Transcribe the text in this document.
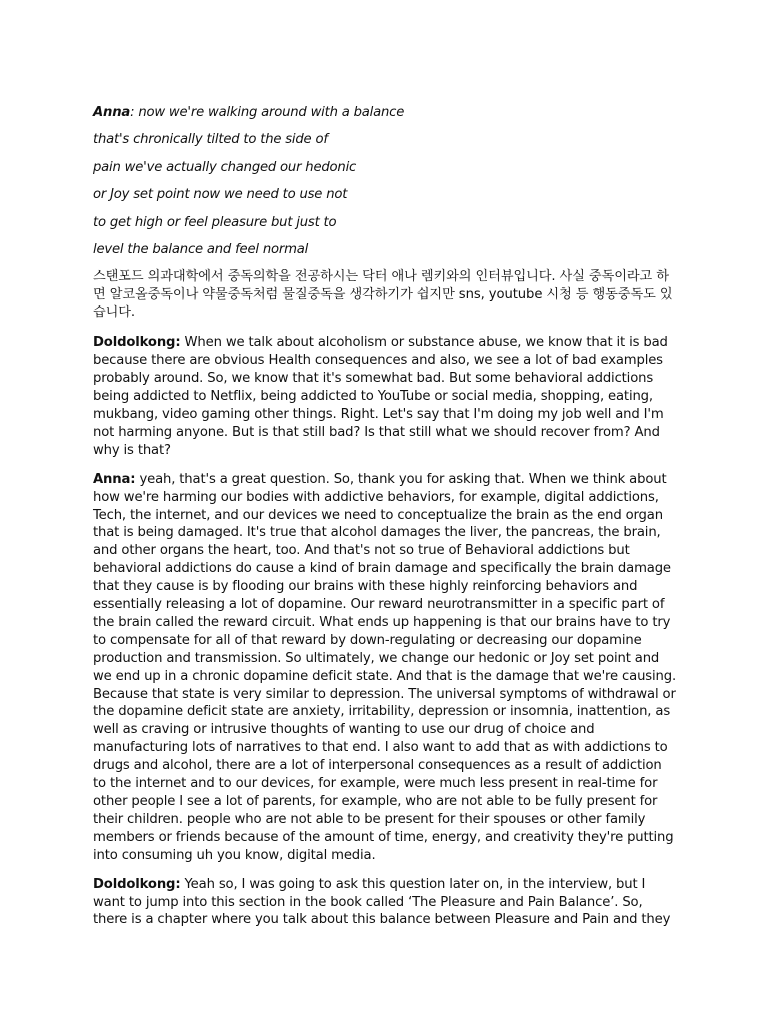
Anna: now we're walking around with a balance
that's chronically tilted to the side of
pain we've actually changed our hedonic
or Joy set point now we need to use not
to get high or feel pleasure but just to
level the balance and feel normal

스탠포드 의과대학에서 중독의학을 전공하시는 닥터 애나 렘키와의 인터뷰입니다. 사실 중독이라고 하면 알코올중독이나 약물중독처럼 물질중독을 생각하기가 쉽지만 sns, youtube 시청 등 행동중독도 있습니다.

Doldolkong: When we talk about alcoholism or substance abuse, we know that it is bad because there are obvious Health consequences and also, we see a lot of bad examples probably around. So, we know that it's somewhat bad. But some behavioral addictions being addicted to Netflix, being addicted to YouTube or social media, shopping, eating, mukbang, video gaming other things. Right. Let's say that I'm doing my job well and I'm not harming anyone. But is that still bad? Is that still what we should recover from? And why is that?

Anna: yeah, that's a great question. So, thank you for asking that. When we think about how we're harming our bodies with addictive behaviors, for example, digital addictions, Tech, the internet, and our devices we need to conceptualize the brain as the end organ that is being damaged. It's true that alcohol damages the liver, the pancreas, the brain, and other organs the heart, too. And that's not so true of Behavioral addictions but behavioral addictions do cause a kind of brain damage and specifically the brain damage that they cause is by flooding our brains with these highly reinforcing behaviors and essentially releasing a lot of dopamine. Our reward neurotransmitter in a specific part of the brain called the reward circuit. What ends up happening is that our brains have to try to compensate for all of that reward by down-regulating or decreasing our dopamine production and transmission. So ultimately, we change our hedonic or Joy set point and we end up in a chronic dopamine deficit state. And that is the damage that we're causing. Because that state is very similar to depression. The universal symptoms of withdrawal or the dopamine deficit state are anxiety, irritability, depression or insomnia, inattention, as well as craving or intrusive thoughts of wanting to use our drug of choice and manufacturing lots of narratives to that end. I also want to add that as with addictions to drugs and alcohol, there are a lot of interpersonal consequences as a result of addiction to the internet and to our devices, for example, were much less present in real-time for other people I see a lot of parents, for example, who are not able to be fully present for their children. people who are not able to be present for their spouses or other family members or friends because of the amount of time, energy, and creativity they're putting into consuming uh you know, digital media.

Doldolkong: Yeah so, I was going to ask this question later on, in the interview, but I want to jump into this section in the book called ‘The Pleasure and Pain Balance’. So, there is a chapter where you talk about this balance between Pleasure and Pain and they
